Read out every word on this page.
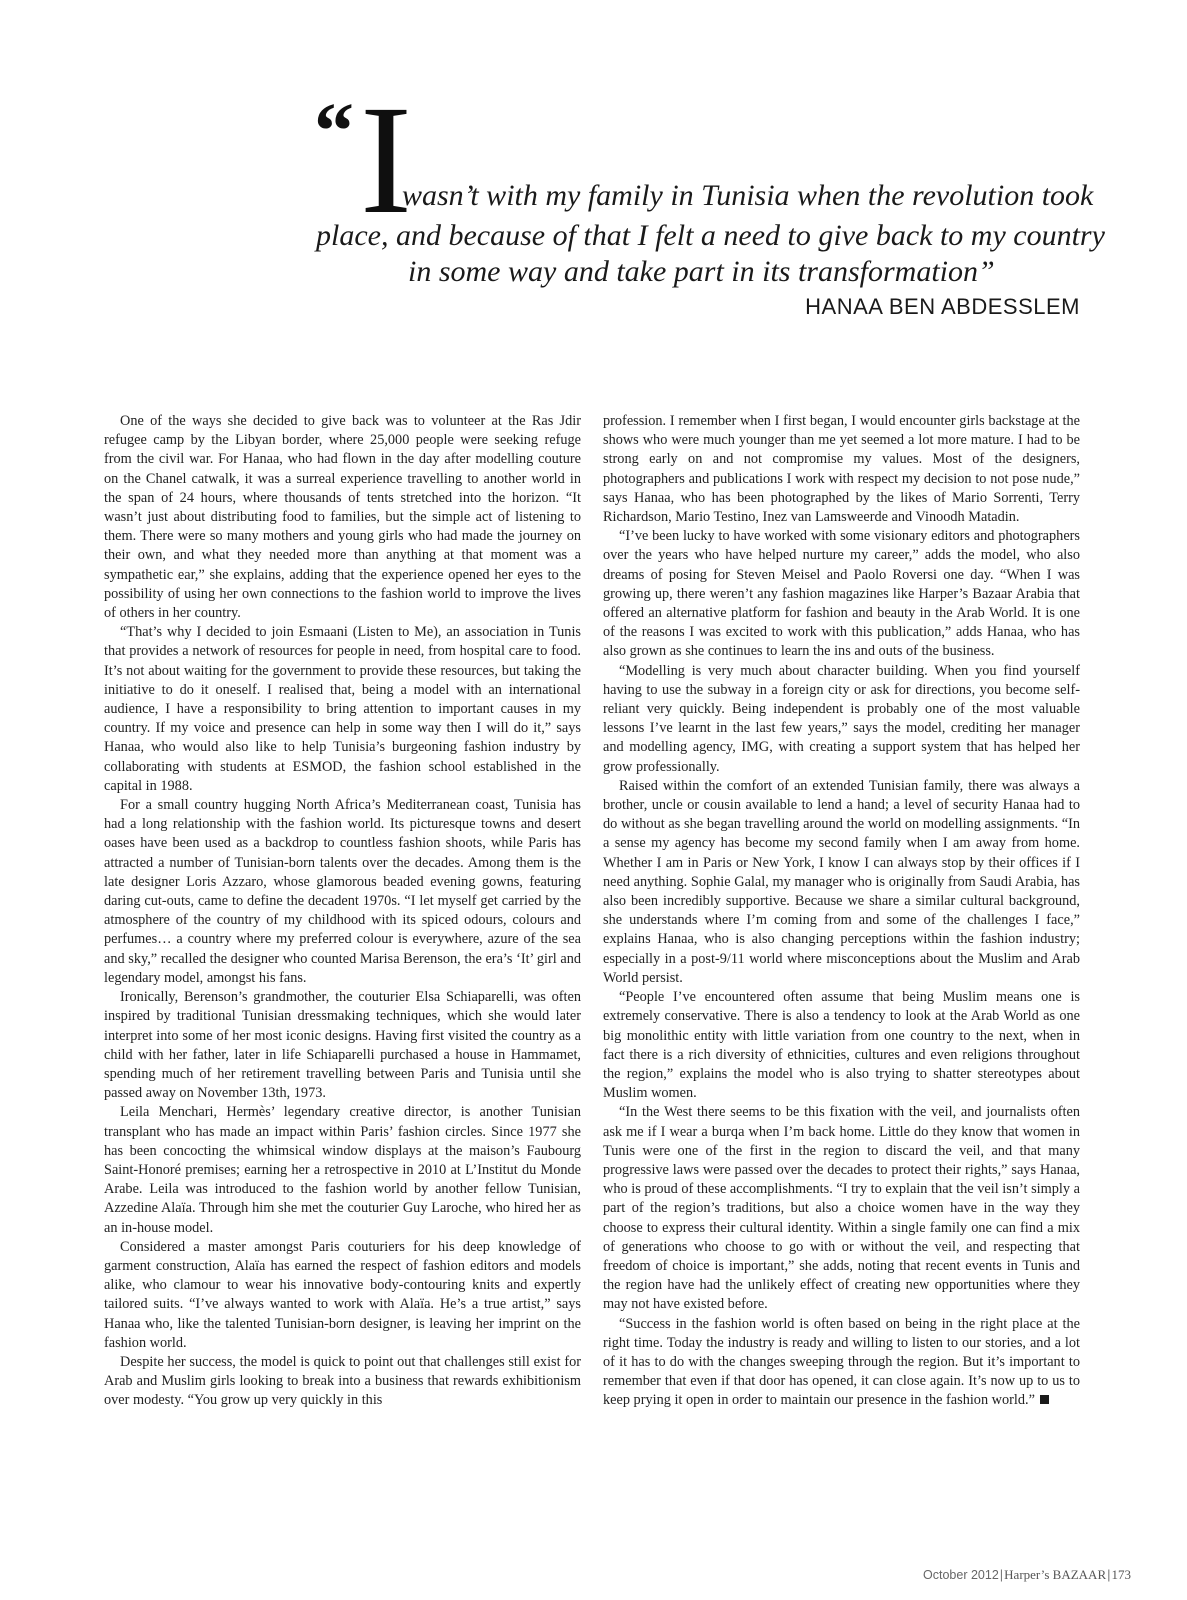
“ I
wasn’t with my family in Tunisia when the revolution took
place, and because of that I felt a need to give back to my country
in some way and take part in its transformation”
HANAA BEN ABDESSLEM

One of the ways she decided to give back was to volunteer at the Ras Jdir refugee camp by the Libyan border, where 25,000 people were seeking refuge from the civil war. For Hanaa, who had flown in the day after modelling couture on the Chanel catwalk, it was a surreal experience travelling to another world in the span of 24 hours, where thousands of tents stretched into the horizon. “It wasn’t just about distributing food to families, but the simple act of listening to them. There were so many mothers and young girls who had made the journey on their own, and what they needed more than anything at that moment was a sympathetic ear,” she explains, adding that the experience opened her eyes to the possibility of using her own connections to the fashion world to improve the lives of others in her country.

“That’s why I decided to join Esmaani (Listen to Me), an association in Tunis that provides a network of resources for people in need, from hospital care to food. It’s not about waiting for the government to provide these resources, but taking the initiative to do it oneself. I realised that, being a model with an international audience, I have a responsibility to bring attention to important causes in my country. If my voice and presence can help in some way then I will do it,” says Hanaa, who would also like to help Tunisia’s burgeoning fashion industry by collaborating with students at ESMOD, the fashion school established in the capital in 1988.

For a small country hugging North Africa’s Mediterranean coast, Tunisia has had a long relationship with the fashion world. Its picturesque towns and desert oases have been used as a backdrop to countless fashion shoots, while Paris has attracted a number of Tunisian-born talents over the decades. Among them is the late designer Loris Azzaro, whose glamorous beaded evening gowns, featuring daring cut-outs, came to define the decadent 1970s. “I let myself get carried by the atmosphere of the country of my childhood with its spiced odours, colours and perfumes… a country where my preferred colour is everywhere, azure of the sea and sky,” recalled the designer who counted Marisa Berenson, the era’s ‘It’ girl and legendary model, amongst his fans.

Ironically, Berenson’s grandmother, the couturier Elsa Schiaparelli, was often inspired by traditional Tunisian dressmaking techniques, which she would later interpret into some of her most iconic designs. Having first visited the country as a child with her father, later in life Schiaparelli purchased a house in Hammamet, spending much of her retirement travelling between Paris and Tunisia until she passed away on November 13th, 1973.

Leila Menchari, Hermès’ legendary creative director, is another Tunisian transplant who has made an impact within Paris’ fashion circles. Since 1977 she has been concocting the whimsical window displays at the maison’s Faubourg Saint-Honoré premises; earning her a retrospective in 2010 at L’Institut du Monde Arabe. Leila was introduced to the fashion world by another fellow Tunisian, Azzedine Alaïa. Through him she met the couturier Guy Laroche, who hired her as an in-house model.

Considered a master amongst Paris couturiers for his deep knowledge of garment construction, Alaïa has earned the respect of fashion editors and models alike, who clamour to wear his innovative body-contouring knits and expertly tailored suits. “I’ve always wanted to work with Alaïa. He’s a true artist,” says Hanaa who, like the talented Tunisian-born designer, is leaving her imprint on the fashion world.

Despite her success, the model is quick to point out that challenges still exist for Arab and Muslim girls looking to break into a business that rewards exhibitionism over modesty. “You grow up very quickly in this

profession. I remember when I first began, I would encounter girls backstage at the shows who were much younger than me yet seemed a lot more mature. I had to be strong early on and not compromise my values. Most of the designers, photographers and publications I work with respect my decision to not pose nude,” says Hanaa, who has been photographed by the likes of Mario Sorrenti, Terry Richardson, Mario Testino, Inez van Lamsweerde and Vinoodh Matadin.

“I’ve been lucky to have worked with some visionary editors and photographers over the years who have helped nurture my career,” adds the model, who also dreams of posing for Steven Meisel and Paolo Roversi one day. “When I was growing up, there weren’t any fashion magazines like Harper’s Bazaar Arabia that offered an alternative platform for fashion and beauty in the Arab World. It is one of the reasons I was excited to work with this publication,” adds Hanaa, who has also grown as she continues to learn the ins and outs of the business.

“Modelling is very much about character building. When you find yourself having to use the subway in a foreign city or ask for directions, you become self-reliant very quickly. Being independent is probably one of the most valuable lessons I’ve learnt in the last few years,” says the model, crediting her manager and modelling agency, IMG, with creating a support system that has helped her grow professionally.

Raised within the comfort of an extended Tunisian family, there was always a brother, uncle or cousin available to lend a hand; a level of security Hanaa had to do without as she began travelling around the world on modelling assignments. “In a sense my agency has become my second family when I am away from home. Whether I am in Paris or New York, I know I can always stop by their offices if I need anything. Sophie Galal, my manager who is originally from Saudi Arabia, has also been incredibly supportive. Because we share a similar cultural background, she understands where I’m coming from and some of the challenges I face,” explains Hanaa, who is also changing perceptions within the fashion industry; especially in a post-9/11 world where misconceptions about the Muslim and Arab World persist.

“People I’ve encountered often assume that being Muslim means one is extremely conservative. There is also a tendency to look at the Arab World as one big monolithic entity with little variation from one country to the next, when in fact there is a rich diversity of ethnicities, cultures and even religions throughout the region,” explains the model who is also trying to shatter stereotypes about Muslim women.

“In the West there seems to be this fixation with the veil, and journalists often ask me if I wear a burqa when I’m back home. Little do they know that women in Tunis were one of the first in the region to discard the veil, and that many progressive laws were passed over the decades to protect their rights,” says Hanaa, who is proud of these accomplishments. “I try to explain that the veil isn’t simply a part of the region’s traditions, but also a choice women have in the way they choose to express their cultural identity. Within a single family one can find a mix of generations who choose to go with or without the veil, and respecting that freedom of choice is important,” she adds, noting that recent events in Tunis and the region have had the unlikely effect of creating new opportunities where they may not have existed before.

“Success in the fashion world is often based on being in the right place at the right time. Today the industry is ready and willing to listen to our stories, and a lot of it has to do with the changes sweeping through the region. But it’s important to remember that even if that door has opened, it can close again. It’s now up to us to keep prying it open in order to maintain our presence in the fashion world.”

October 2012|Harper’s BAZAAR|173
